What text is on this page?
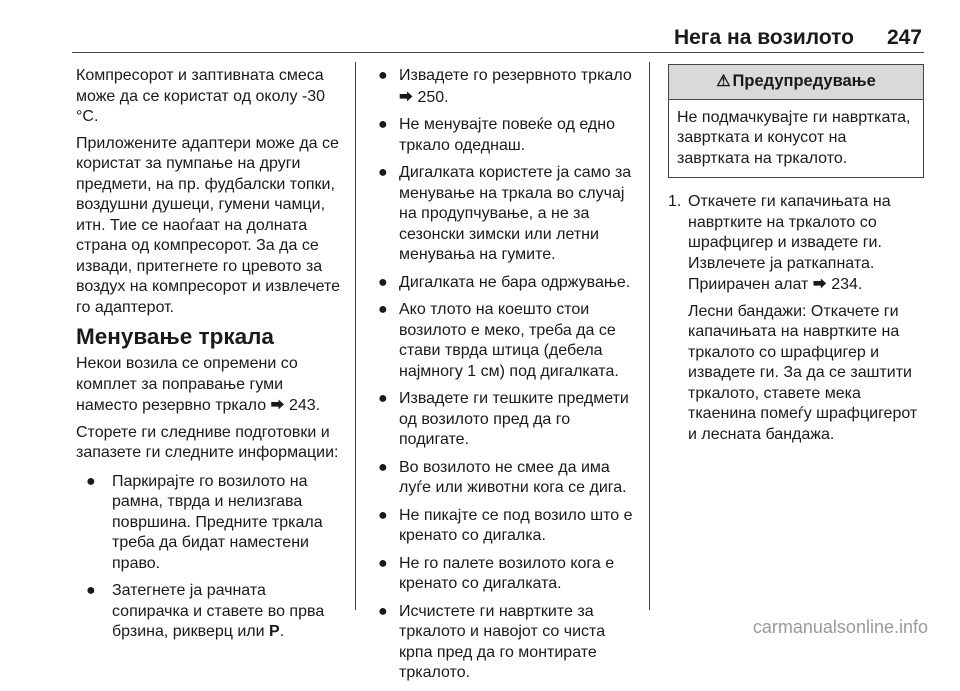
Нега на возилото 247

Компресорот и заптивната смеса може да се користат од околу -30 °C.

Приложените адаптери може да се користат за пумпање на други предмети, на пр. фудбалски топки, воздушни душеци, гумени чамци, итн. Тие се наоѓаат на долната страна од компресорот. За да се извади, притегнете го цревото за воздух на компресорот и извлечете го адаптерот.

Менување тркала

Некои возила се опремени со комплет за поправање гуми наместо резервно тркало ⮕ 243.

Сторете ги следниве подготовки и запазете ги следните информации:

● Паркирајте го возилото на рамна, тврда и нелизгава површина. Предните тркала треба да бидат наместени право.
● Затегнете ја рачната сопирачка и ставете во прва брзина, рикверц или P.
● Извадете го резервното тркало
⮕ 250.
● Не менувајте повеќе од едно тркало одеднаш.
● Дигалката користете ја само за менување на тркала во случај на продупчување, а не за сезонски зимски или летни менувања на гумите.
● Дигалката не бара одржување.
● Ако тлото на коешто стои возилото е меко, треба да се стави тврда штица (дебела најмногу 1 см) под дигалката.
● Извадете ги тешките предмети од возилото пред да го подигате.
● Во возилото не смее да има луѓе или животни кога се дига.
● Не пикајте се под возило што е кренато со дигалка.
● Не го палете возилото кога е кренато со дигалката.
● Исчистете ги навртките за тркалото и навојот со чиста крпа пред да го монтирате тркалото.
⚠ Предупредување
Не подмачкувајте ги навртката, завртката и конусот на завртката на тркалото.
1. Откачете ги капачињата на навртките на тркалото со шрафцигер и извадете ги. Извлечете ја раткапната. Приирачен алат ⮕ 234.

Лесни бандажи: Откачете ги капачињата на навртките на тркалото со шрафцигер и извадете ги. За да се заштити тркалото, ставете мека ткаенина помеѓу шрафцигерот и лесната бандажа.

carmanualsonline.info
